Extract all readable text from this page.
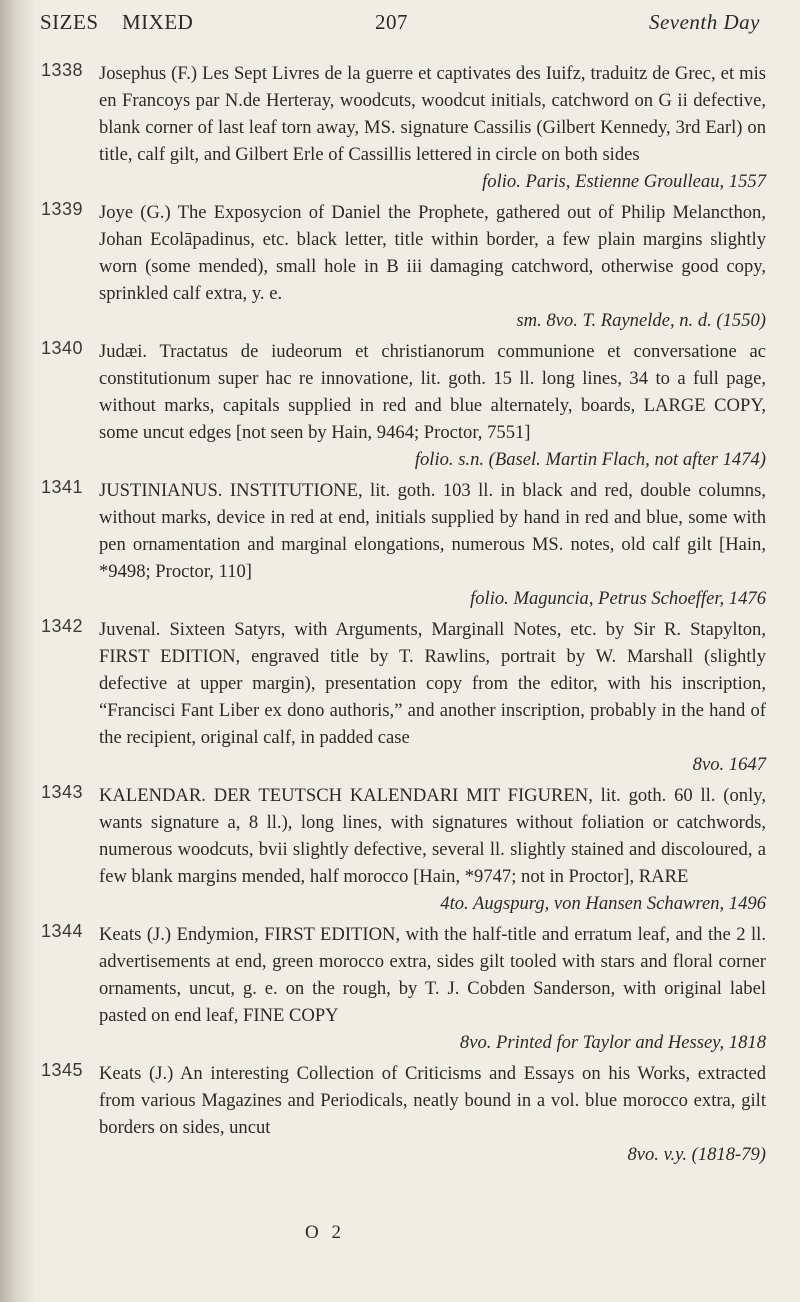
SIZES MIXED	207	Seventh Day
1338 Josephus (F.) Les Sept Livres de la guerre et captivates des Iuifz, traduitz de Grec, et mis en Francoys par N.de Herteray, woodcuts, woodcut initials, catchword on G ii defective, blank corner of last leaf torn away, MS. signature Cassilis (Gilbert Kennedy, 3rd Earl) on title, calf gilt, and Gilbert Erle of Cassillis lettered in circle on both sides
folio. Paris, Estienne Groulleau, 1557
1339 Joye (G.) The Exposycion of Daniel the Prophete, gathered out of Philip Melancthon, Johan Ecolāpadinus, etc. black letter, title within border, a few plain margins slightly worn (some mended), small hole in B iii damaging catchword, otherwise good copy, sprinkled calf extra, y. e.
sm. 8vo. T. Raynelde, n. d. (1550)
1340 Judæi. Tractatus de iudeorum et christianorum communione et conversatione ac constitutionum super hac re innovatione, lit. goth. 15 ll. long lines, 34 to a full page, without marks, capitals supplied in red and blue alternately, boards, LARGE COPY, some uncut edges [not seen by Hain, 9464; Proctor, 7551]
folio. s.n. (Basel. Martin Flach, not after 1474)
1341 JUSTINIANUS. INSTITUTIONE, lit. goth. 103 ll. in black and red, double columns, without marks, device in red at end, initials supplied by hand in red and blue, some with pen ornamentation and marginal elongations, numerous MS. notes, old calf gilt [Hain, *9498; Proctor, 110]
folio. Maguncia, Petrus Schoeffer, 1476
1342 Juvenal. Sixteen Satyrs, with Arguments, Marginall Notes, etc. by Sir R. Stapylton, FIRST EDITION, engraved title by T. Rawlins, portrait by W. Marshall (slightly defective at upper margin), presentation copy from the editor, with his inscription, “Francisci Fant Liber ex dono authoris,” and another inscription, probably in the hand of the recipient, original calf, in padded case
8vo. 1647
1343 KALENDAR. DER TEUTSCH KALENDARI MIT FIGUREN, lit. goth. 60 ll. (only, wants signature a, 8 ll.), long lines, with signatures without foliation or catchwords, numerous woodcuts, bvii slightly defective, several ll. slightly stained and discoloured, a few blank margins mended, half morocco [Hain, *9747; not in Proctor], RARE
4to. Augspurg, von Hansen Schawren, 1496
1344 Keats (J.) Endymion, FIRST EDITION, with the half-title and erratum leaf, and the 2 ll. advertisements at end, green morocco extra, sides gilt tooled with stars and floral corner ornaments, uncut, g. e. on the rough, by T. J. Cobden Sanderson, with original label pasted on end leaf, FINE COPY
8vo. Printed for Taylor and Hessey, 1818
1345 Keats (J.) An interesting Collection of Criticisms and Essays on his Works, extracted from various Magazines and Periodicals, neatly bound in a vol. blue morocco extra, gilt borders on sides, uncut
8vo. v.y. (1818-79)
O 2
